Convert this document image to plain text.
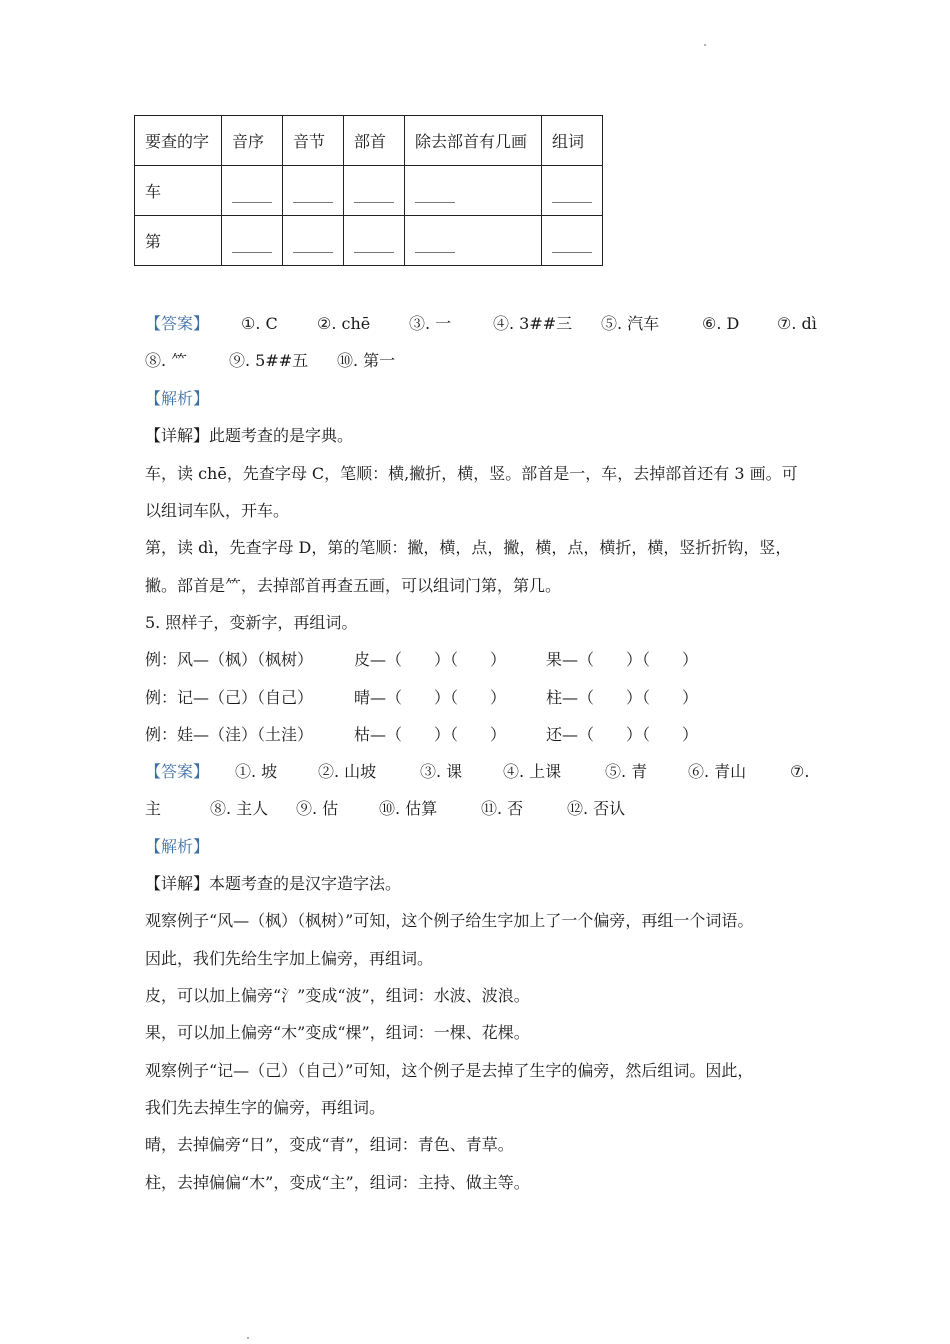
要查的字	音序	音节	部首	除去部首有几画	组词
车					
第					
【答案】 ①. C ②. chē ③. 一	④. 3##三 ⑤. 汽车	⑥. D ⑦. dì
⑧. ⺮	⑨. 5##五 ⑩. 第一
【解析】
【详解】此题考查的是字典。
车，读 chē，先查字母 C，笔顺：横,撇折，横，竖。部首是一，车，去掉部首还有 3 画。可
以组词车队，开车。
第，读 dì，先查字母 D，第的笔顺：撇，横，点，撇，横，点，横折，横，竖折折钩，竖，
撇。部首是⺮，去掉部首再查五画，可以组词门第，第几。
5. 照样子，变新字，再组词。
例：风—（枫）（枫树）	皮—（　　）（　　） 果—（　　）（　　）
例：记—（己）（自己）	晴—（　　）（　　） 柱—（　　）（　　）
例：娃—（洼）（土洼）	枯—（　　）（　　） 还—（　　）（　　）
【答案】 ①. 坡	②. 山坡	③. 课	④. 上课	⑤. 青	⑥. 青山	⑦.
主	⑧. 主人 ⑨. 估	⑩. 估算	⑪. 否	⑫. 否认
【解析】
【详解】本题考查的是汉字造字法。
观察例子“风—（枫）（枫树）”可知，这个例子给生字加上了一个偏旁，再组一个词语。
因此，我们先给生字加上偏旁，再组词。
皮，可以加上偏旁“氵”变成“波”，组词：水波、波浪。
果，可以加上偏旁“木”变成“棵”，组词：一棵、花棵。
观察例子“记—（己）（自己）”可知，这个例子是去掉了生字的偏旁，然后组词。因此，
我们先去掉生字的偏旁，再组词。
晴，去掉偏旁“日”，变成“青”，组词：青色、青草。
柱，去掉偏偏“木”，变成“主”，组词：主持、做主等。
